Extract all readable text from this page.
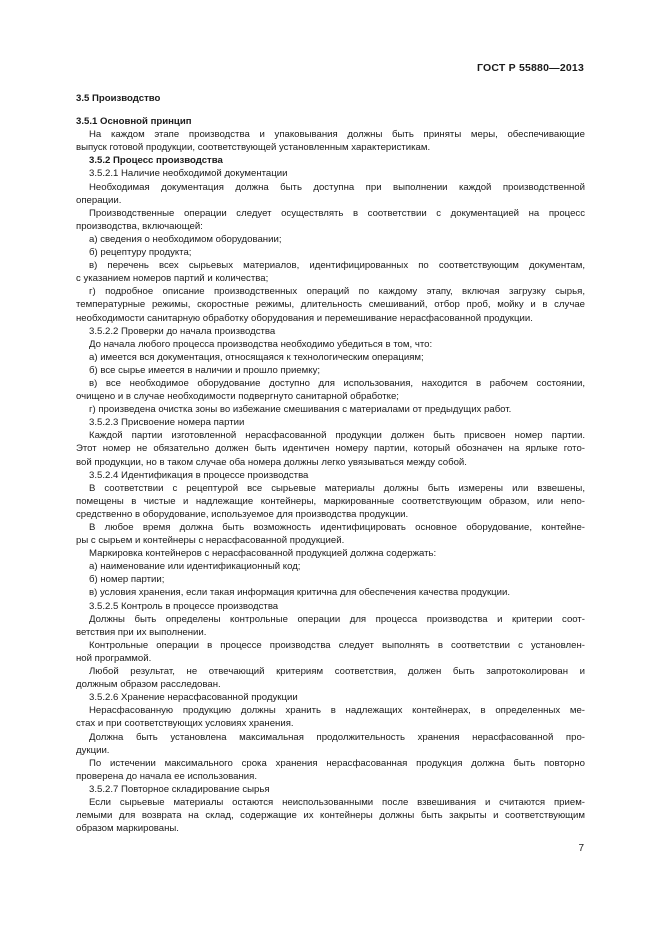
ГОСТ Р 55880—2013
3.5 Производство
3.5.1 Основной принцип
На каждом этапе производства и упаковывания должны быть приняты меры, обеспечивающие
выпуск готовой продукции, соответствующей установленным характеристикам.
3.5.2 Процесс производства
3.5.2.1 Наличие необходимой документации
Необходимая документация должна быть доступна при выполнении каждой производственной
операции.
Производственные операции следует осуществлять в соответствии с документацией на процесс
производства, включающей:
а) сведения о необходимом оборудовании;
б) рецептуру продукта;
в) перечень всех сырьевых материалов, идентифицированных по соответствующим документам,
с указанием номеров партий и количества;
г) подробное описание производственных операций по каждому этапу, включая загрузку сырья,
температурные режимы, скоростные режимы, длительность смешиваний, отбор проб, мойку и в случае
необходимости санитарную обработку оборудования и перемешивание нерасфасованной продукции.
3.5.2.2 Проверки до начала производства
До начала любого процесса производства необходимо убедиться в том, что:
а) имеется вся документация, относящаяся к технологическим операциям;
б) все сырье имеется в наличии и прошло приемку;
в) все необходимое оборудование доступно для использования, находится в рабочем состоянии,
очищено и в случае необходимости подвергнуто санитарной обработке;
г) произведена очистка зоны во избежание смешивания с материалами от предыдущих работ.
3.5.2.3 Присвоение номера партии
Каждой партии изготовленной нерасфасованной продукции должен быть присвоен номер партии.
Этот номер не обязательно должен быть идентичен номеру партии, который обозначен на ярлыке гото-
вой продукции, но в таком случае оба номера должны легко увязываться между собой.
3.5.2.4 Идентификация в процессе производства
В соответствии с рецептурой все сырьевые материалы должны быть измерены или взвешены,
помещены в чистые и надлежащие контейнеры, маркированные соответствующим образом, или непо-
средственно в оборудование, используемое для производства продукции.
В любое время должна быть возможность идентифицировать основное оборудование, контейне-
ры с сырьем и контейнеры с нерасфасованной продукцией.
Маркировка контейнеров с нерасфасованной продукцией должна содержать:
а) наименование или идентификационный код;
б) номер партии;
в) условия хранения, если такая информация критична для обеспечения качества продукции.
3.5.2.5 Контроль в процессе производства
Должны быть определены контрольные операции для процесса производства и критерии соот-
ветствия при их выполнении.
Контрольные операции в процессе производства следует выполнять в соответствии с установлен-
ной программой.
Любой результат, не отвечающий критериям соответствия, должен быть запротоколирован и
должным образом расследован.
3.5.2.6 Хранение нерасфасованной продукции
Нерасфасованную продукцию должны хранить в надлежащих контейнерах, в определенных ме-
стах и при соответствующих условиях хранения.
Должна быть установлена максимальная продолжительность хранения нерасфасованной про-
дукции.
По истечении максимального срока хранения нерасфасованная продукция должна быть повторно
проверена до начала ее использования.
3.5.2.7 Повторное складирование сырья
Если сырьевые материалы остаются неиспользованными после взвешивания и считаются прием-
лемыми для возврата на склад, содержащие их контейнеры должны быть закрыты и соответствующим
образом маркированы.
7
